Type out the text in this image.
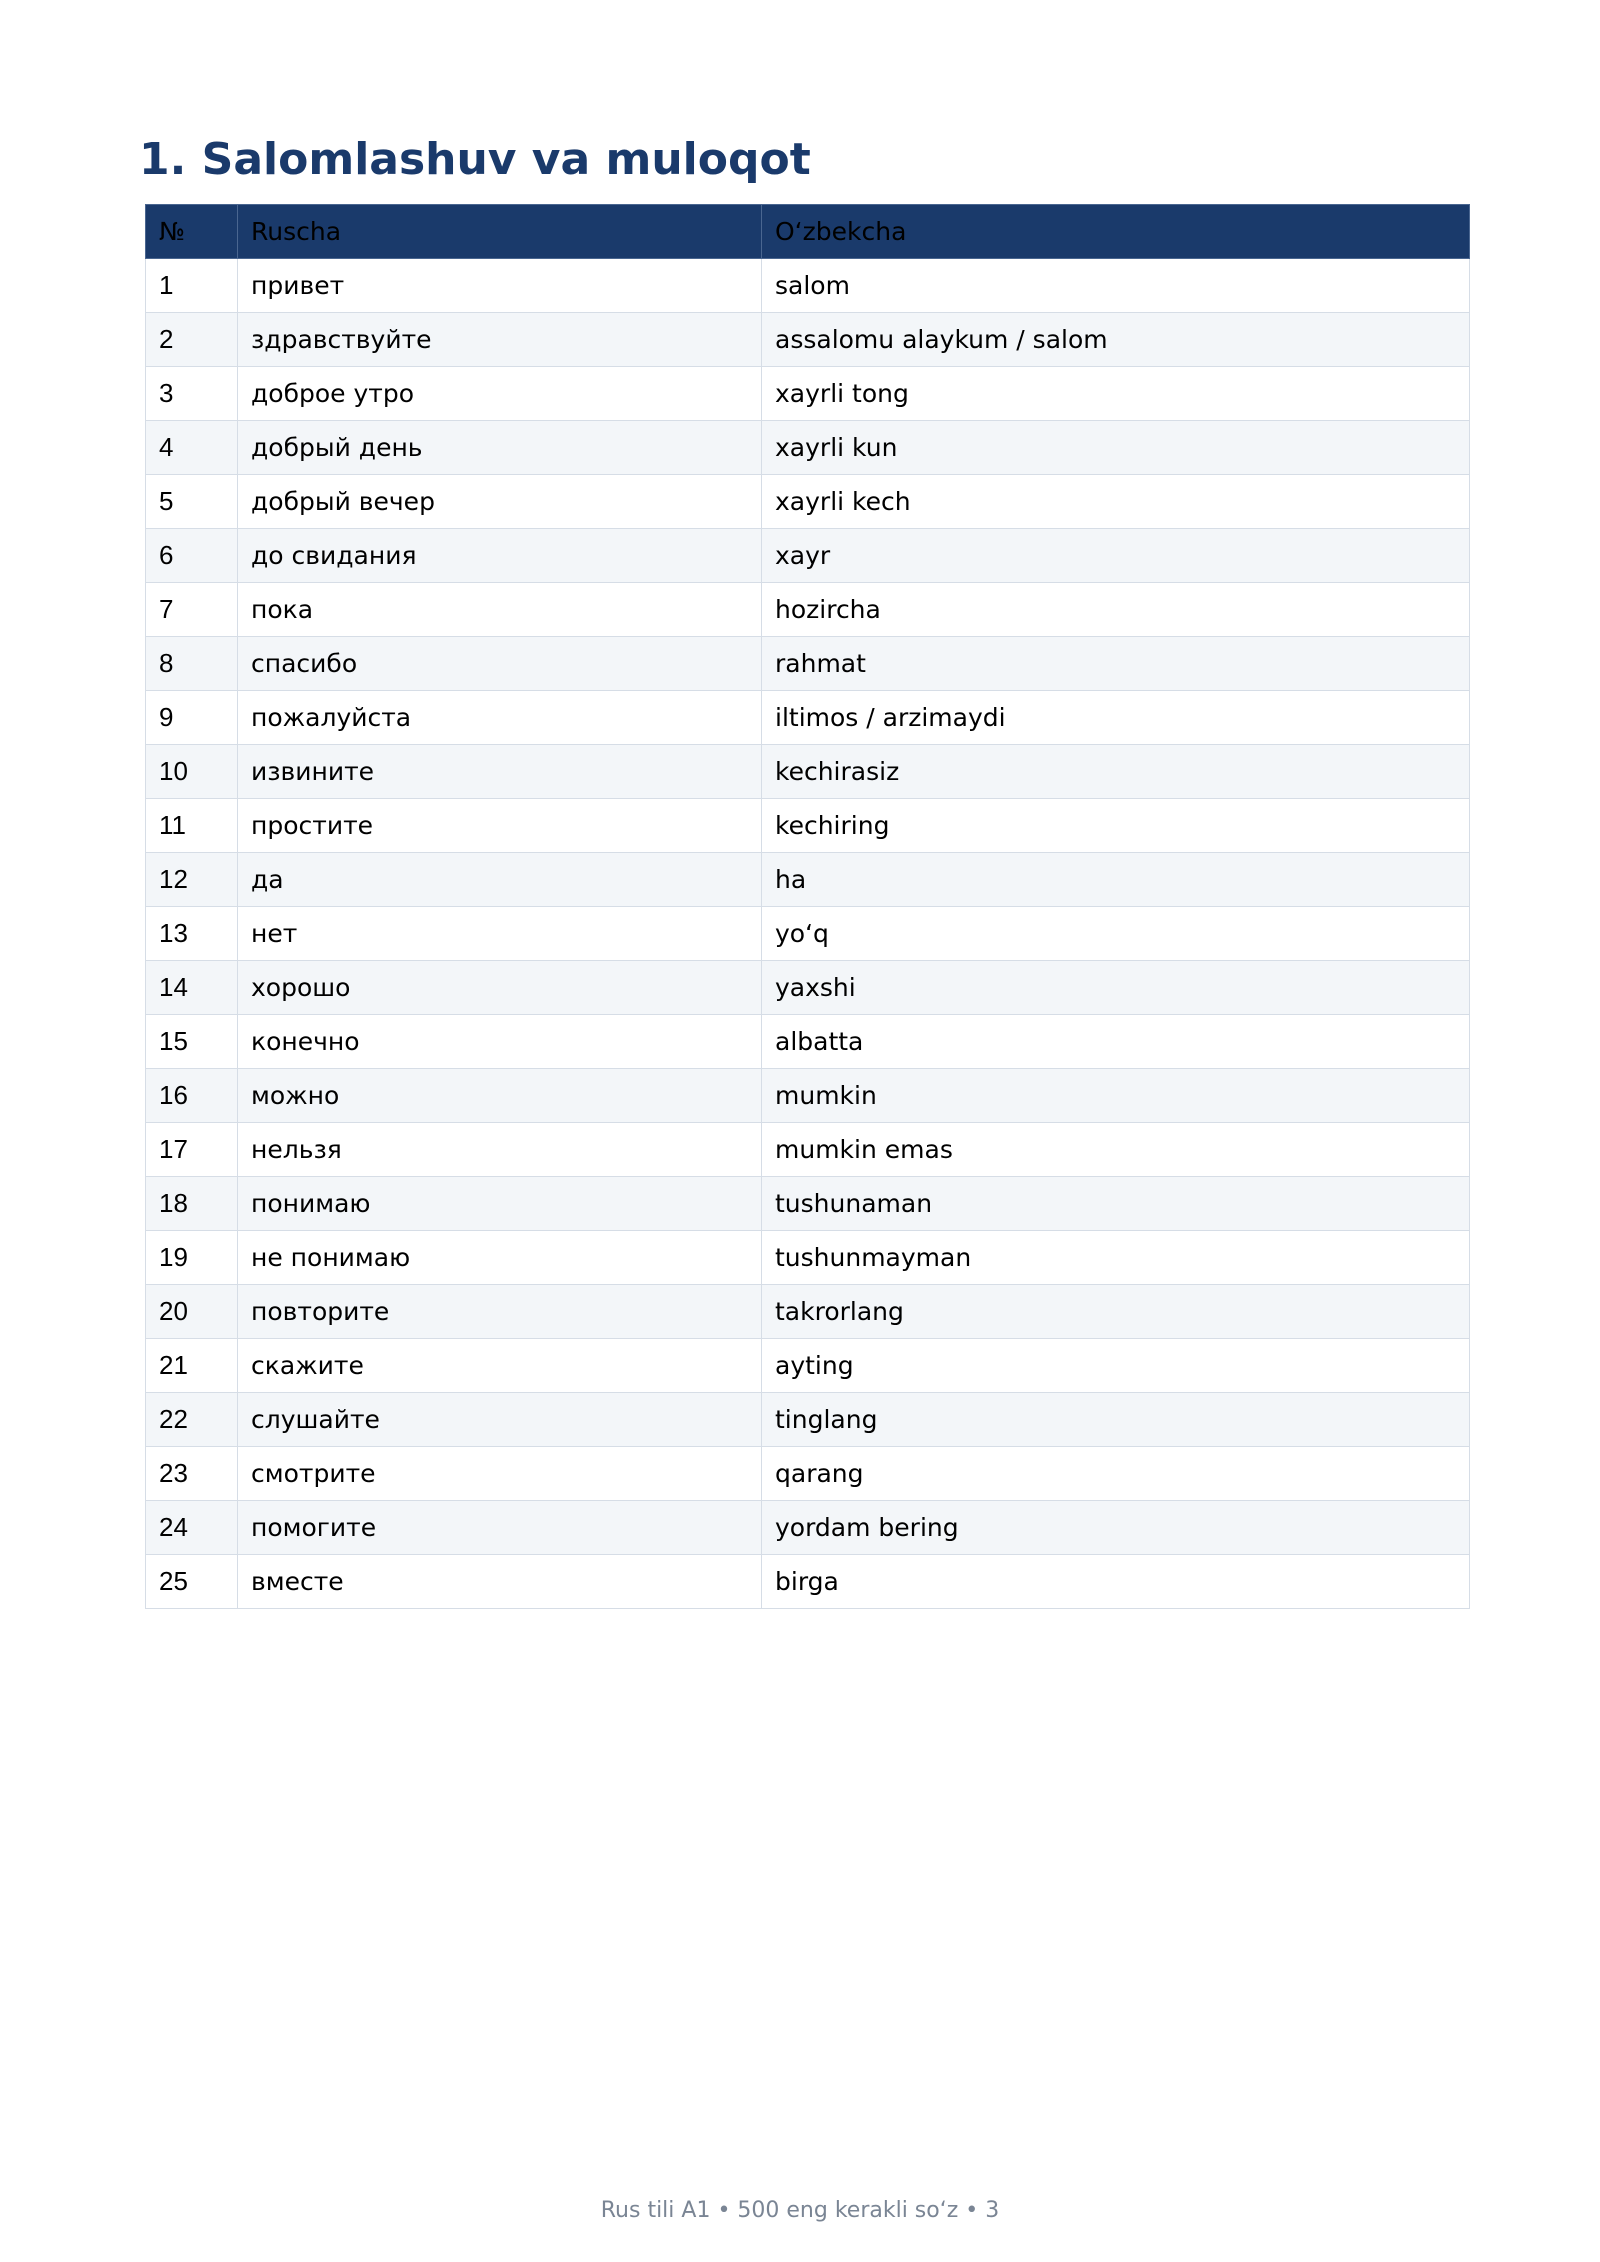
1. Salomlashuv va muloqot
№	Ruscha	O‘zbekcha
1	привет	salom
2	здравствуйте	assalomu alaykum / salom
3	доброе утро	xayrli tong
4	добрый день	xayrli kun
5	добрый вечер	xayrli kech
6	до свидания	xayr
7	пока	hozircha
8	спасибо	rahmat
9	пожалуйста	iltimos / arzimaydi
10	извините	kechirasiz
11	простите	kechiring
12	да	ha
13	нет	yo‘q
14	хорошо	yaxshi
15	конечно	albatta
16	можно	mumkin
17	нельзя	mumkin emas
18	понимаю	tushunaman
19	не понимаю	tushunmayman
20	повторите	takrorlang
21	скажите	ayting
22	слушайте	tinglang
23	смотрите	qarang
24	помогите	yordam bering
25	вместе	birga
Rus tili A1 • 500 eng kerakli so‘z • 3
